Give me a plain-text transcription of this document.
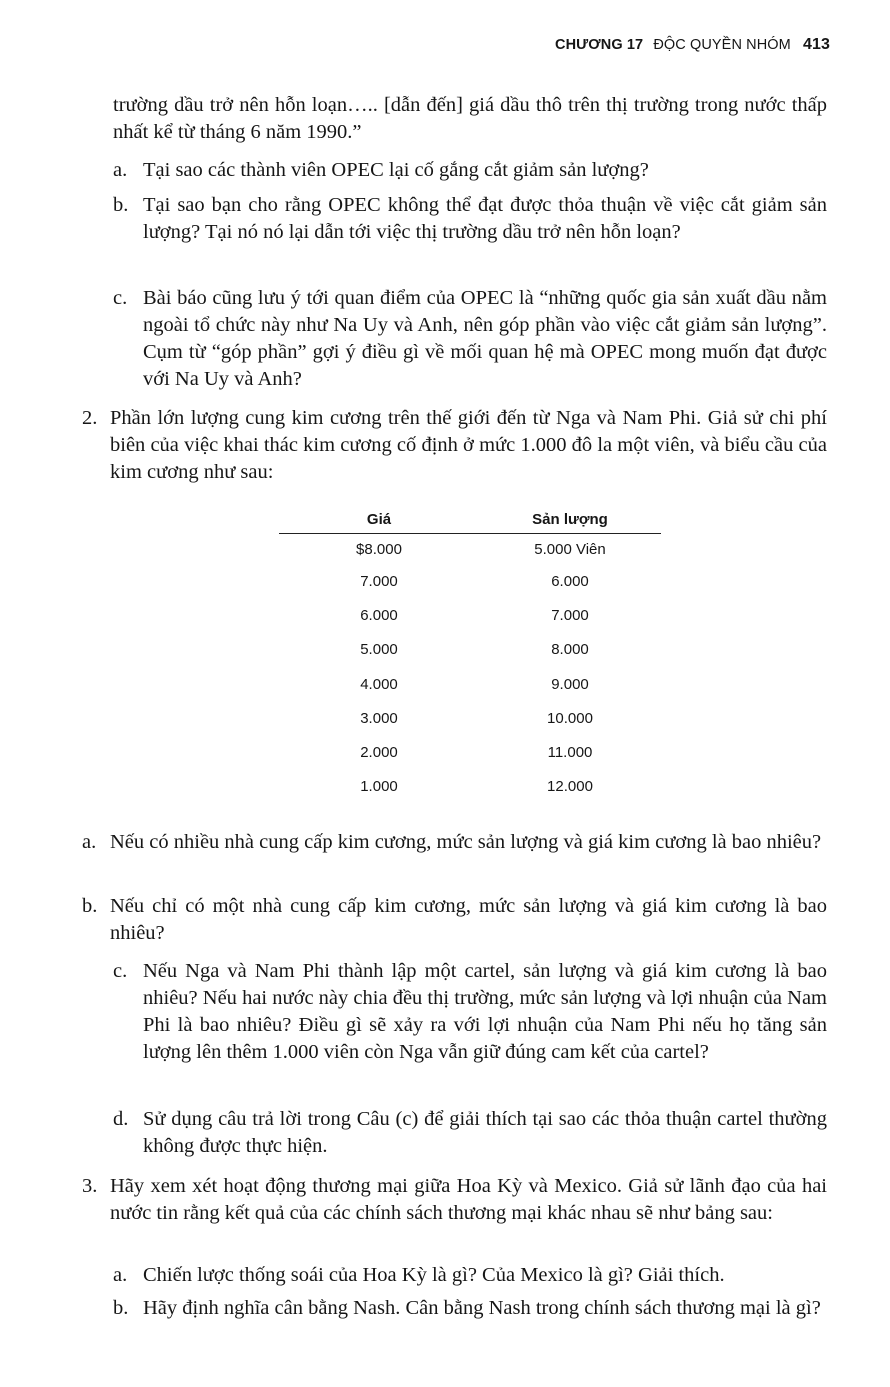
CHƯƠNG 17 ĐỘC QUYỀN NHÓM 413
trường dầu trở nên hỗn loạn….. [dẫn đến] giá dầu thô trên thị trường trong nước thấp nhất kể từ tháng 6 năm 1990.”
a. Tại sao các thành viên OPEC lại cố gắng cắt giảm sản lượng?
b. Tại sao bạn cho rằng OPEC không thể đạt được thỏa thuận về việc cắt giảm sản lượng? Tại nó nó lại dẫn tới việc thị trường dầu trở nên hỗn loạn?
c. Bài báo cũng lưu ý tới quan điểm của OPEC là “những quốc gia sản xuất dầu nằm ngoài tổ chức này như Na Uy và Anh, nên góp phần vào việc cắt giảm sản lượng”. Cụm từ “góp phần” gợi ý điều gì về mối quan hệ mà OPEC mong muốn đạt được với Na Uy và Anh?
2. Phần lớn lượng cung kim cương trên thế giới đến từ Nga và Nam Phi. Giả sử chi phí biên của việc khai thác kim cương cố định ở mức 1.000 đô la một viên, và biểu cầu của kim cương như sau:
Giá	Sản lượng
$8.000	5.000 Viên
7.000	6.000
6.000	7.000
5.000	8.000
4.000	9.000
3.000	10.000
2.000	11.000
1.000	12.000
a. Nếu có nhiều nhà cung cấp kim cương, mức sản lượng và giá kim cương là bao nhiêu?
b. Nếu chỉ có một nhà cung cấp kim cương, mức sản lượng và giá kim cương là bao nhiêu?
c. Nếu Nga và Nam Phi thành lập một cartel, sản lượng và giá kim cương là bao nhiêu? Nếu hai nước này chia đều thị trường, mức sản lượng và lợi nhuận của Nam Phi là bao nhiêu? Điều gì sẽ xảy ra với lợi nhuận của Nam Phi nếu họ tăng sản lượng lên thêm 1.000 viên còn Nga vẫn giữ đúng cam kết của cartel?
d. Sử dụng câu trả lời trong Câu (c) để giải thích tại sao các thỏa thuận cartel thường không được thực hiện.
3. Hãy xem xét hoạt động thương mại giữa Hoa Kỳ và Mexico. Giả sử lãnh đạo của hai nước tin rằng kết quả của các chính sách thương mại khác nhau sẽ như bảng sau:
a. Chiến lược thống soái của Hoa Kỳ là gì? Của Mexico là gì? Giải thích.
b. Hãy định nghĩa cân bằng Nash. Cân bằng Nash trong chính sách thương mại là gì?
